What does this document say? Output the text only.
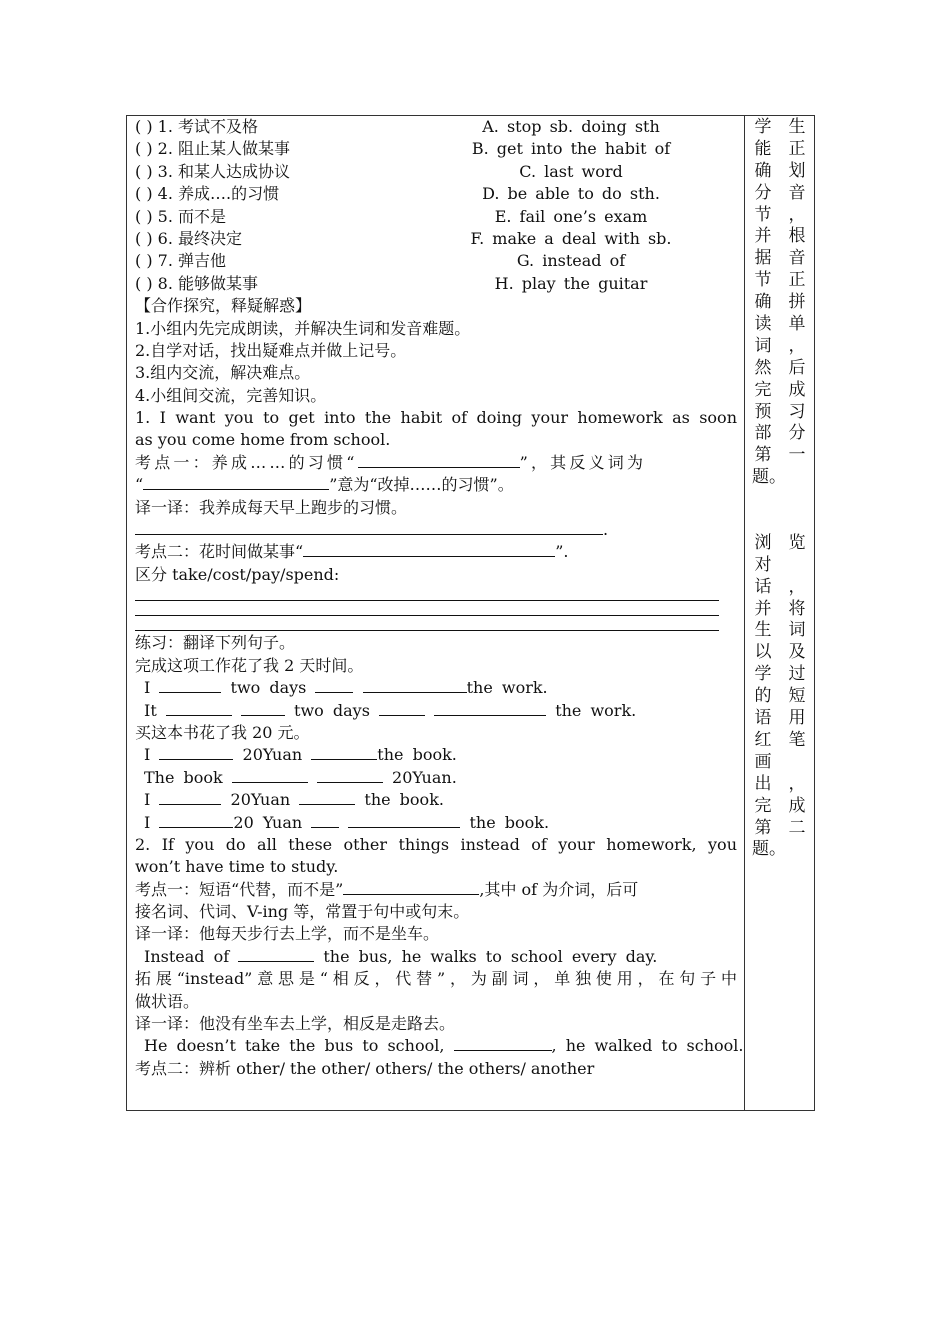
( ) 1. 考试不及格	A. stop sb. doing sth
( ) 2. 阻止某人做某事	B. get into the habit of
( ) 3. 和某人达成协议	C. last word
( ) 4. 养成….的习惯	D. be able to do sth.
( ) 5. 而不是	E. fail one’s exam
( ) 6. 最终决定	F. make a deal with sb.
( ) 7. 弹吉他	G. instead of
( ) 8. 能够做某事	H. play the guitar
【合作探究，释疑解惑】
1.小组内先完成朗读，并解决生词和发音难题。
2.自学对话，找出疑难点并做上记号。
3.组内交流，解决难点。
4.小组间交流，完善知识。
1. I want you to get into the habit of doing your homework as soon
as you come home from school.
考点一：养成……的习惯“	”，其反义词为
“	”意为“改掉……的习惯”。
译一译：我养成每天早上跑步的习惯。
.
考点二：花时间做某事“	”.
区分 take/cost/pay/spend:
练习：翻译下列句子。
完成这项工作花了我 2 天时间。
I	two days	the work.
It	two days	the work.
买这本书花了我 20 元。
I	20Yuan	the book.
The book	20Yuan.
I	20Yuan	the book.
I	20 Yuan	the book.
2. If you do all these other things instead of your homework, you
won’t have time to study.
考点一：短语“代替，而不是”	,其中 of 为介词，后可
接名词、代词、V-ing 等，常置于句中或句末。
译一译：他每天步行去上学，而不是坐车。
Instead of	the bus, he walks to school every day.
拓展“instead”意思是“相反，代替”，为副词，单独使用，在句子中
做状语。
译一译：他没有坐车去上学，相反是走路去。
He doesn’t take the bus to school,	, he walked to school.
考点二：辨析 other/ the other/ others/ the others/ another
学
能
确
分
节
并
据
节
确
读
词
然
完
预
部
第
题。
浏
对
话
并
生
以
学
的
语
红
画
出
完
第
题。
生
正
划
音
，
根
音
正
拼
单
，
后
成
习
分
一
览
，
将
词
及
过
短
用
笔
，
成
二
